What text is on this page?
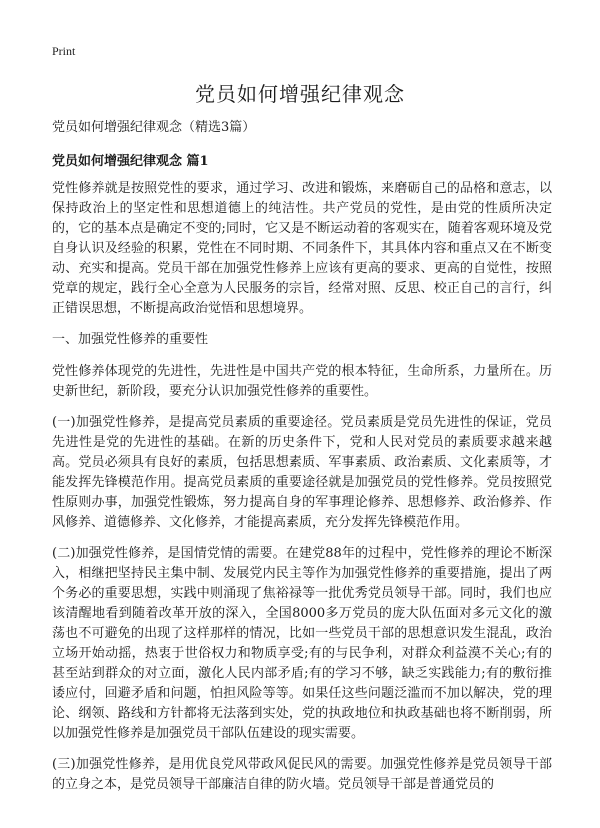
Print
党员如何增强纪律观念

党员如何增强纪律观念（精选3篇）

党员如何增强纪律观念 篇1

党性修养就是按照党性的要求，通过学习、改进和锻炼，来磨砺自己的品格和意志，以保持政治上的坚定性和思想道德上的纯洁性。共产党员的党性，是由党的性质所决定的，它的基本点是确定不变的;同时，它又是不断运动着的客观实在，随着客观环境及党自身认识及经验的积累，党性在不同时期、不同条件下，其具体内容和重点又在不断变动、充实和提高。党员干部在加强党性修养上应该有更高的要求、更高的自觉性，按照党章的规定，践行全心全意为人民服务的宗旨，经常对照、反思、校正自己的言行，纠正错误思想，不断提高政治觉悟和思想境界。

一、加强党性修养的重要性

党性修养体现党的先进性，先进性是中国共产党的根本特征，生命所系，力量所在。历史新世纪，新阶段，要充分认识加强党性修养的重要性。

(一)加强党性修养，是提高党员素质的重要途径。党员素质是党员先进性的保证，党员先进性是党的先进性的基础。在新的历史条件下，党和人民对党员的素质要求越来越高。党员必须具有良好的素质，包括思想素质、军事素质、政治素质、文化素质等，才能发挥先锋模范作用。提高党员素质的重要途径就是加强党员的党性修养。党员按照党性原则办事，加强党性锻炼，努力提高自身的军事理论修养、思想修养、政治修养、作风修养、道德修养、文化修养，才能提高素质，充分发挥先锋模范作用。

(二)加强党性修养，是国情党情的需要。在建党88年的过程中，党性修养的理论不断深入，相继把坚持民主集中制、发展党内民主等作为加强党性修养的重要措施，提出了两个务必的重要思想，实践中则涌现了焦裕禄等一批优秀党员领导干部。同时，我们也应该清醒地看到随着改革开放的深入，全国8000多万党员的庞大队伍面对多元文化的激荡也不可避免的出现了这样那样的情况，比如一些党员干部的思想意识发生混乱，政治立场开始动摇，热衷于世俗权力和物质享受;有的与民争利，对群众利益漠不关心;有的甚至站到群众的对立面，激化人民内部矛盾;有的学习不够，缺乏实践能力;有的敷衍推诿应付，回避矛盾和问题，怕担风险等等。如果任这些问题泛滥而不加以解决，党的理论、纲领、路线和方针都将无法落到实处，党的执政地位和执政基础也将不断削弱，所以加强党性修养是加强党员干部队伍建设的现实需要。

(三)加强党性修养，是用优良党风带政风促民风的需要。加强党性修养是党员领导干部的立身之本，是党员领导干部廉洁自律的防火墙。党员领导干部是普通党员的
